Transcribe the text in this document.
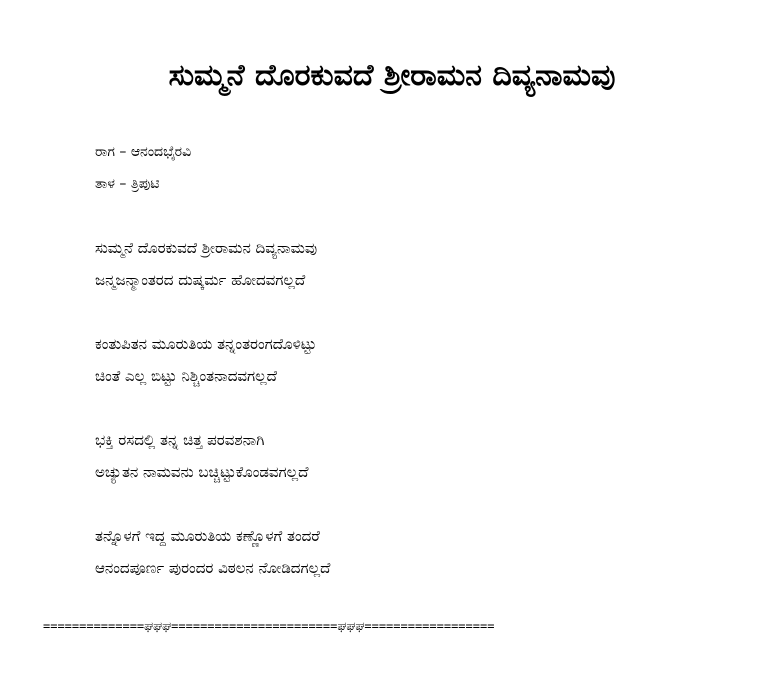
ಸುಮ್ಮನೆ ದೊರಕುವದೆ ಶ್ರೀರಾಮನ ದಿವ್ಯನಾಮವು
ರಾಗ – ಆನಂದಭೈರವಿ
ತಾಳ – ತ್ರಿಪುಟಿ
ಸುಮ್ಮನೆ ದೊರಕುವದೆ ಶ್ರೀರಾಮನ ದಿವ್ಯನಾಮವು
ಜನ್ಮಜನ್ಮಾಂತರದ ದುಷ್ಕರ್ಮ ಹೋದವಗಲ್ಲದೆ
ಕಂತುಪಿತನ ಮೂರುತಿಯ ತನ್ನಂತರಂಗದೊಳಿಟ್ಟು
ಚಿಂತೆ ಎಲ್ಲ ಬಿಟ್ಟು ನಿಶ್ಚಿಂತನಾದವಗಲ್ಲದೆ
ಭಕ್ತಿ ರಸದಲ್ಲಿ ತನ್ನ ಚಿತ್ತ ಪರವಶನಾಗಿ
ಅಚ್ಯುತನ ನಾಮವನು ಬಚ್ಚಿಟ್ಟುಕೊಂಡವಗಲ್ಲದೆ
ತನ್ನೊಳಗೆ ಇದ್ದ ಮೂರುತಿಯ ಕಣ್ಣೊಳಗೆ ತಂದರೆ
ಆನಂದಪೂರ್ಣ ಪುರಂದರ ವಿಠಲನ ನೋಡಿದಗಲ್ಲದೆ
==============ಘಘಘ=======================ಘಘಘ==================
